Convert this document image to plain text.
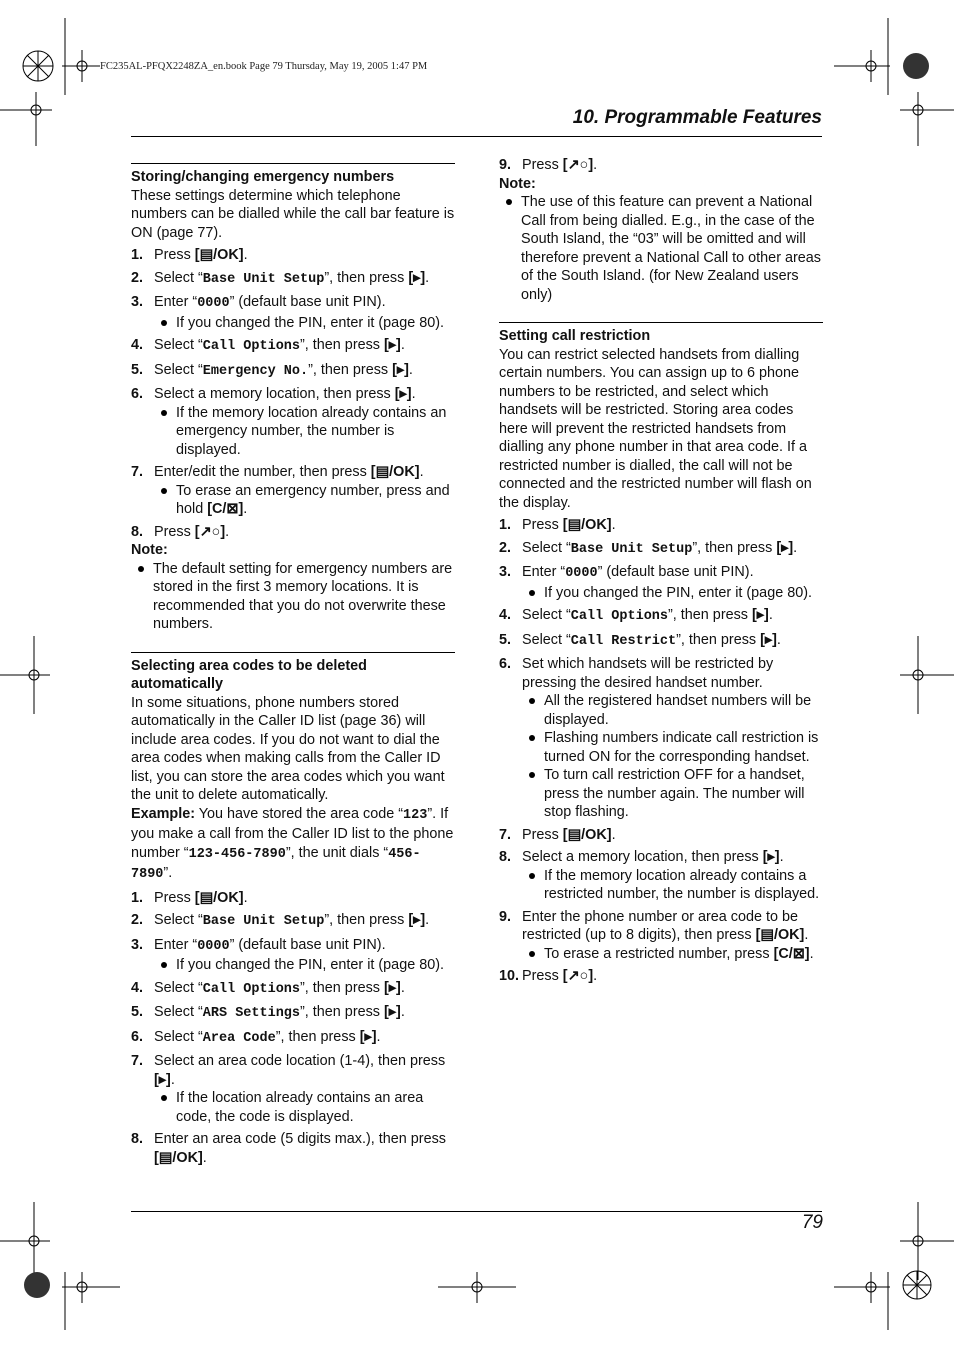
FC235AL-PFQX2248ZA_en.book Page 79 Thursday, May 19, 2005 1:47 PM
10. Programmable Features

Storing/changing emergency numbers

These settings determine which telephone numbers can be dialled while the call bar feature is ON (page 77).

1. Press [▤/OK].
2. Select “Base Unit Setup”, then press [▸].
3. Enter “0000” (default base unit PIN).
If you changed the PIN, enter it (page 80).
4. Select “Call Options”, then press [▸].
5. Select “Emergency No.”, then press [▸].
6. Select a memory location, then press [▸].
If the memory location already contains an emergency number, the number is displayed.
7. Enter/edit the number, then press [▤/OK].
To erase an emergency number, press and hold [C/⊠].
8. Press [↗○].

Note:

The default setting for emergency numbers are stored in the first 3 memory locations. It is recommended that you do not overwrite these numbers.

Selecting area codes to be deleted automatically

In some situations, phone numbers stored automatically in the Caller ID list (page 36) will include area codes. If you do not want to dial the area codes when making calls from the Caller ID list, you can store the area codes which you want the unit to delete automatically.

Example: You have stored the area code “123”. If you make a call from the Caller ID list to the phone number “123-456-7890”, the unit dials “456-7890”.

1. Press [▤/OK].
2. Select “Base Unit Setup”, then press [▸].
3. Enter “0000” (default base unit PIN).
If you changed the PIN, enter it (page 80).
4. Select “Call Options”, then press [▸].
5. Select “ARS Settings”, then press [▸].
6. Select “Area Code”, then press [▸].
7. Select an area code location (1-4), then press [▸].
If the location already contains an area code, the code is displayed.
8. Enter an area code (5 digits max.), then press [▤/OK].
9. Press [↗○].

Note:

The use of this feature can prevent a National Call from being dialled. E.g., in the case of the South Island, the “03” will be omitted and will therefore prevent a National Call to other areas of the South Island. (for New Zealand users only)

Setting call restriction

You can restrict selected handsets from dialling certain numbers. You can assign up to 6 phone numbers to be restricted, and select which handsets will be restricted. Storing area codes here will prevent the restricted handsets from dialling any phone number in that area code. If a restricted number is dialled, the call will not be connected and the restricted number will flash on the display.

1. Press [▤/OK].
2. Select “Base Unit Setup”, then press [▸].
3. Enter “0000” (default base unit PIN).
If you changed the PIN, enter it (page 80).
4. Select “Call Options”, then press [▸].
5. Select “Call Restrict”, then press [▸].
6. Set which handsets will be restricted by pressing the desired handset number.
All the registered handset numbers will be displayed.
Flashing numbers indicate call restriction is turned ON for the corresponding handset.
To turn call restriction OFF for a handset, press the number again. The number will stop flashing.
7. Press [▤/OK].
8. Select a memory location, then press [▸].
If the memory location already contains a restricted number, the number is displayed.
9. Enter the phone number or area code to be restricted (up to 8 digits), then press [▤/OK].
To erase a restricted number, press [C/⊠].
10. Press [↗○].
79
